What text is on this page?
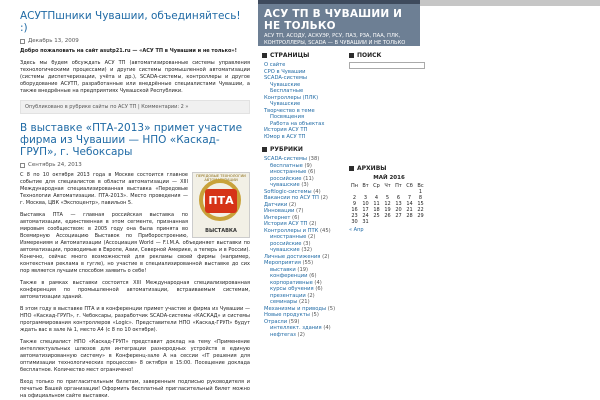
АСУТПшники Чувашии, объединяйтесь! :)
Декабрь 13, 2009

Добро пожаловать на сайт asutp21.ru — «АСУ ТП в Чувашии и не только»!

Здесь мы будем обсуждать АСУ ТП (автоматизированные системы управления технологическими процессами) и другие системы промышленной автоматизации (системы диспетчеризации, учёта и др.), SCADA-системы, контроллеры и другое оборудование АСУТП, разработанные или внедрённые специалистами Чувашии, а также внедрённые на предприятиях Чувашской Республики.

Опубликовано в рубрике сайты по АСУ ТП | Комментарии: 2 »
В выставке «ПТА-2013» примет участие фирма из Чувашии — НПО «Каскад-ГРУП», г. Чебоксары
Сентябрь 24, 2013
ПЕРЕДОВЫЕ ТЕХНОЛОГИИ АВТОМАТИЗАЦИИ
ПТА
ВЫСТАВКА

С 8 по 10 октября 2013 года в Москве состоится главное событие для специалистов в области автоматизации — XIII Международная специализированная выставка «Передовые Технологии Автоматизации. ПТА-2013». Место проведения — г. Москва, ЦВК «Экспоцентр», павильон 5.

Выставка ПТА — главная российская выставка по автоматизации, единственная в этом сегменте, признанная мировым сообществом: в 2005 году она была принята во Всемирную Ассоциацию Выставок по Приборостроению, Измерениям и Автоматизации (Ассоциация World — F.I.M.A. объединяет выставки по автоматизации, проводимые в Европе, Азии, Северной Америке, а теперь и в России). Конечно, сейчас много возможностей для рекламы своей фирмы (например, контекстная реклама в гугле), но участие в специализированной выставке до сих пор является лучшим способом заявить о себе!

Также в рамках выставки состоится XIII Международная специализированная конференция по промышленной автоматизации, встраиваемым системам, автоматизации зданий.

В этом году в выставке ПТА и в конференции примет участие и фирма из Чувашии — НПО «Каскад-ГРУП», г. Чебоксары, разработчик SCADA-системы «КАСКАД» и системы программирования контроллеров «Logic». Представители НПО «Каскад-ГРУП» будут ждать вас в зале № 1, место А4 (с 8 по 10 октября).

Также специалист НПО «Каскад-ГРУП» представит доклад на тему «Применение интеллектуальных шлюзов для интеграции разнородных устройств в единую автоматизированную систему» в Конференц-зале А на сессии «IT решения для оптимизации технологических процессов» 8 октября в 15:00. Посещение доклада бесплатное. Количество мест ограничено!

Вход только по пригласительным билетам, заверенным подписью руководителя и печатью Вашей организации! Оформить бесплатный пригласительный билет можно на официальном сайте выставки.

АСУ ТП В ЧУВАШИИ И НЕ ТОЛЬКО
АСУ ТП, АСОДУ, АСКУЭР, РСУ, ПАЗ, РЗА, ПАА, ПЛК, КОНТРОЛЛЕРЫ, SCADA — В ЧУВАШИИ И НЕ ТОЛЬКО
СТРАНИЦЫ
О сайте
СРО в Чувашии
SCADA-системы
Чувашские
Бесплатные
Контроллеры (ПЛК)
Чувашские
Творчество в теме
Посвящения
Работа на объектах
История АСУ ТП
Юмор в АСУ ТП
РУБРИКИ
SCADA-системы (38)
бесплатные (9)
иностранные (6)
российские (11)
чувашские (3)
Softlogic-системы (4)
Вакансии по АСУ ТП (2)
Датчики (2)
Инновации (7)
Интернет (6)
История АСУ ТП (2)
Контроллеры и ПТК (45)
иностранные (2)
российские (3)
чувашские (32)
Личные достижения (2)
Мероприятия (55)
выставки (19)
конференции (6)
корпоративные (4)
курсы обучения (6)
презентации (2)
семинары (21)
Механизмы и приводы (5)
Новые продукты (5)
Отрасли (59)
интеллект. здания (4)
нефтегаз (2)
ПОИСК
АРХИВЫ
МАЙ 2016
Пн	Вт	Ср	Чт	Пт	Сб	Вс
						1
2	3	4	5	6	7	8
9	10	11	12	13	14	15
16	17	18	19	20	21	22
23	24	25	26	27	28	29
30	31					
« Апр
